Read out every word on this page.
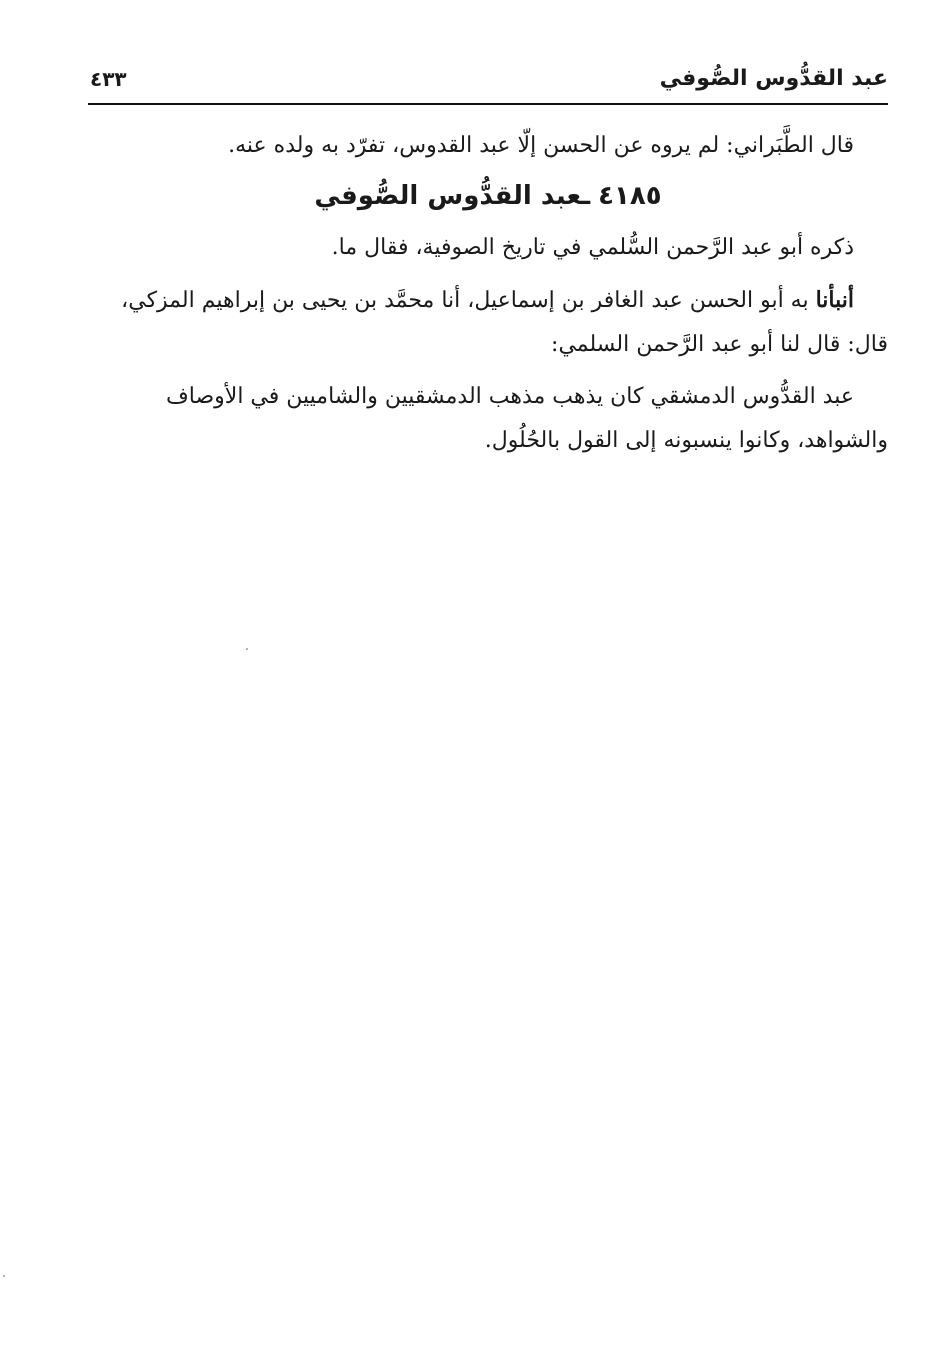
عبد القدُّوس الصُّوفي
٤٣٣

قال الطَّبَراني: لم يروه عن الحسن إلّا عبد القدوس، تفرّد به ولده عنه.

٤١٨٥ـعبد القدُّوس الصُّوفي

ذكره أبو عبد الرَّحمن السُّلمي في تاريخ الصوفية، فقال ما.

أنبأنا به أبو الحسن عبد الغافر بن إسماعيل، أنا محمَّد بن يحيى بن إبراهيم المزكي،

قال: قال لنا أبو عبد الرَّحمن السلمي:

عبد القدُّوس الدمشقي كان يذهب مذهب الدمشقيين والشاميين في الأوصاف

والشواهد، وكانوا ينسبونه إلى القول بالحُلُول.
